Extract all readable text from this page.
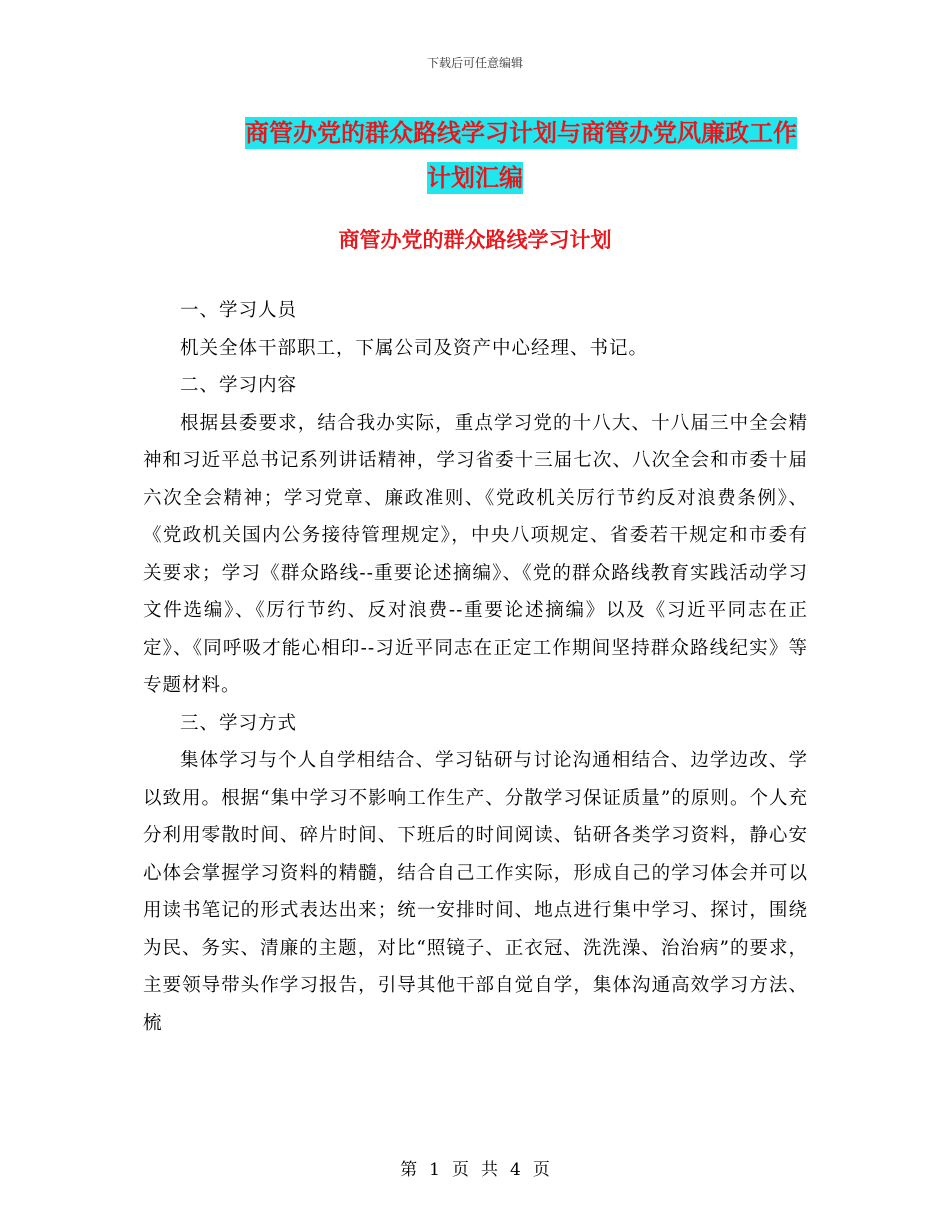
下载后可任意编辑
商管办党的群众路线学习计划与商管办党风廉政工作
计划汇编
商管办党的群众路线学习计划

一、学习人员

机关全体干部职工，下属公司及资产中心经理、书记。

二、学习内容

根据县委要求，结合我办实际，重点学习党的十八大、十八届三中全会精神和习近平总书记系列讲话精神，学习省委十三届七次、八次全会和市委十届六次全会精神；学习党章、廉政准则、《党政机关厉行节约反对浪费条例》、《党政机关国内公务接待管理规定》，中央八项规定、省委若干规定和市委有关要求；学习《群众路线--重要论述摘编》、《党的群众路线教育实践活动学习文件选编》、《厉行节约、反对浪费--重要论述摘编》以及《习近平同志在正定》、《同呼吸才能心相印--习近平同志在正定工作期间坚持群众路线纪实》等专题材料。

三、学习方式

集体学习与个人自学相结合、学习钻研与讨论沟通相结合、边学边改、学以致用。根据“集中学习不影响工作生产、分散学习保证质量”的原则。个人充分利用零散时间、碎片时间、下班后的时间阅读、钻研各类学习资料，静心安心体会掌握学习资料的精髓，结合自己工作实际，形成自己的学习体会并可以用读书笔记的形式表达出来；统一安排时间、地点进行集中学习、探讨，围绕为民、务实、清廉的主题，对比“照镜子、正衣冠、洗洗澡、治治病”的要求，主要领导带头作学习报告，引导其他干部自觉自学，集体沟通高效学习方法、梳

第 1 页 共 4 页
